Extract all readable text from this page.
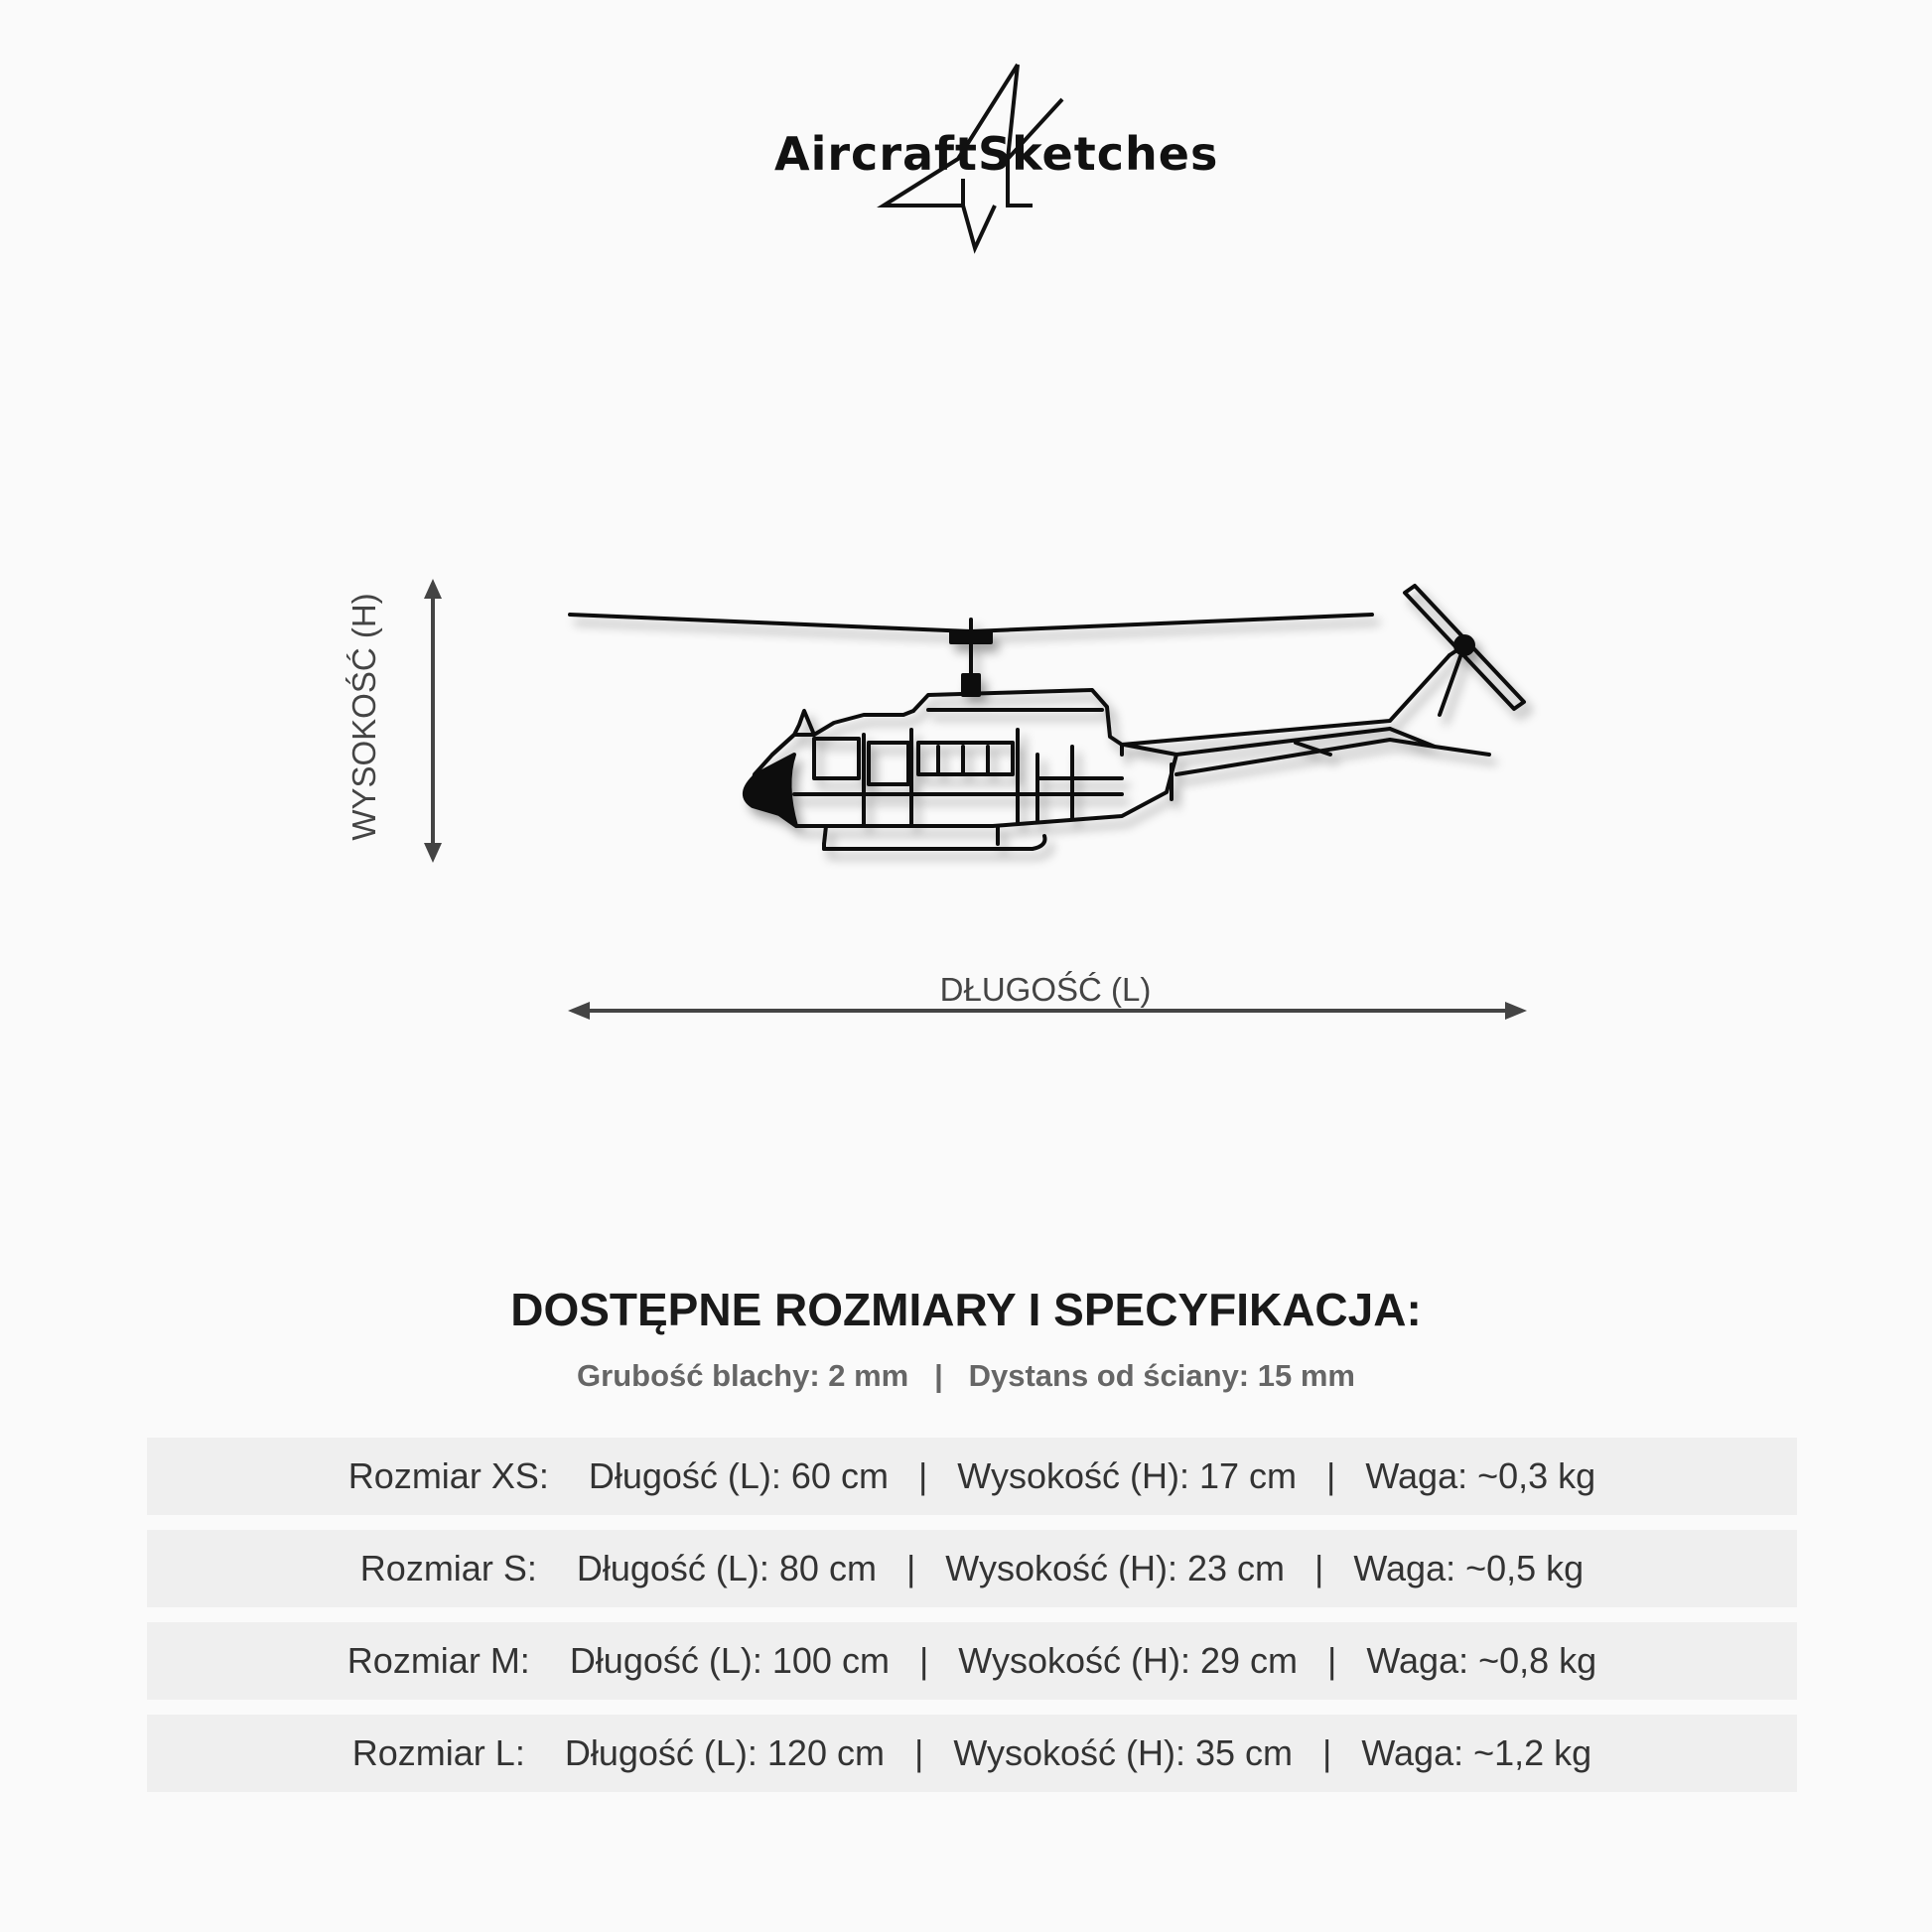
AircraftSketches
WYSOKOŚĆ (H)
DŁUGOŚĆ (L)
DOSTĘPNE ROZMIARY I SPECYFIKACJA:
Grubość blachy: 2 mm   |   Dystans od ściany: 15 mm
Rozmiar XS:    Długość (L): 60 cm   |   Wysokość (H): 17 cm   |   Waga: ~0,3 kg
Rozmiar S:    Długość (L): 80 cm   |   Wysokość (H): 23 cm   |   Waga: ~0,5 kg
Rozmiar M:    Długość (L): 100 cm   |   Wysokość (H): 29 cm   |   Waga: ~0,8 kg
Rozmiar L:    Długość (L): 120 cm   |   Wysokość (H): 35 cm   |   Waga: ~1,2 kg
